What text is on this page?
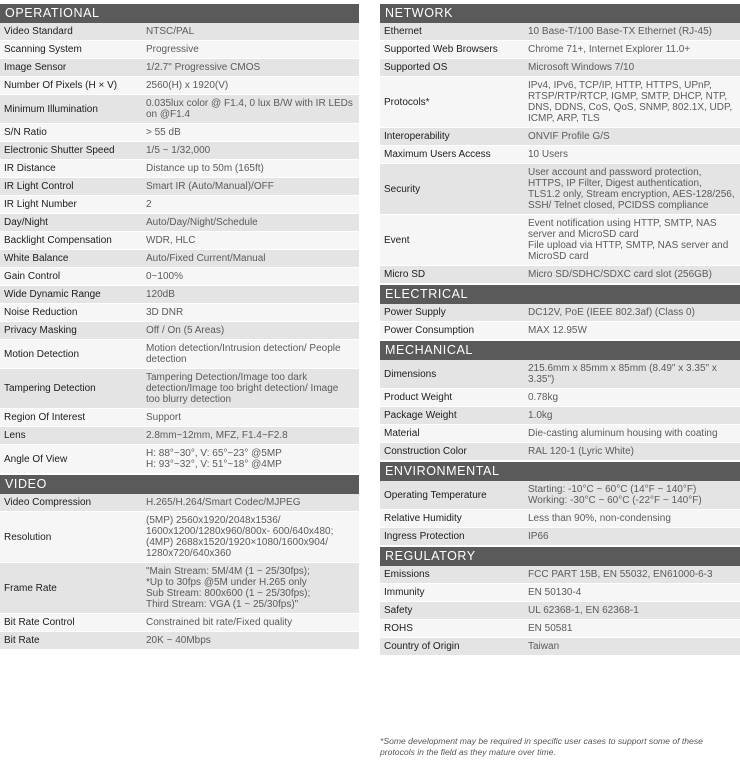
OPERATIONAL
Video Standard	NTSC/PAL
Scanning System	Progressive
Image Sensor	1/2.7" Progressive CMOS
Number Of Pixels (H × V)	2560(H) x 1920(V)
Minimum Illumination	0.035lux color @ F1.4, 0 lux B/W with IR LEDs on @F1.4
S/N Ratio	> 55 dB
Electronic Shutter Speed	1/5 ~ 1/32,000
IR Distance	Distance up to 50m (165ft)
IR Light Control	Smart IR (Auto/Manual)/OFF
IR Light Number	2
Day/Night	Auto/Day/Night/Schedule
Backlight Compensation	WDR, HLC
White Balance	Auto/Fixed Current/Manual
Gain Control	0~100%
Wide Dynamic Range	120dB
Noise Reduction	3D DNR
Privacy Masking	Off / On (5 Areas)
Motion Detection	Motion detection/Intrusion detection/ People detection
Tampering Detection	Tampering Detection/Image too dark detection/Image too bright detection/ Image too blurry detection
Region Of Interest	Support
Lens	2.8mm~12mm, MFZ, F1.4~F2.8
Angle Of View	H: 88°~30°, V: 65°~23° @5MP
H: 93°~32°, V: 51°~18° @4MP
VIDEO
Video Compression	H.265/H.264/Smart Codec/MJPEG
Resolution	(5MP) 2560x1920/2048x1536/ 1600x1200/1280x960/800x- 600/640x480;
(4MP) 2688x1520/1920×1080/1600x904/ 1280x720/640x360
Frame Rate	"Main Stream: 5M/4M (1 ~ 25/30fps);
*Up to 30fps @5M under H.265 only
Sub Stream: 800x600 (1 ~ 25/30fps);
Third Stream: VGA (1 ~ 25/30fps)"
Bit Rate Control	Constrained bit rate/Fixed quality
Bit Rate	20K ~ 40Mbps
NETWORK
Ethernet	10 Base-T/100 Base-TX Ethernet (RJ-45)
Supported Web Browsers	Chrome 71+, Internet Explorer 11.0+
Supported OS	Microsoft Windows 7/10
Protocols*	IPv4, IPv6, TCP/IP, HTTP, HTTPS, UPnP, RTSP/RTP/RTCP, IGMP, SMTP, DHCP, NTP, DNS, DDNS, CoS, QoS, SNMP, 802.1X, UDP, ICMP, ARP, TLS
Interoperability	ONVIF Profile G/S
Maximum Users Access	10 Users
Security	User account and password protection, HTTPS, IP Filter, Digest authentication, TLS1.2 only, Stream encryption, AES-128/256, SSH/ Telnet closed, PCIDSS compliance
Event	Event notification using HTTP, SMTP, NAS server and MicroSD card
File upload via HTTP, SMTP, NAS server and MicroSD card
Micro SD	Micro SD/SDHC/SDXC card slot (256GB)
ELECTRICAL
Power Supply	DC12V, PoE (IEEE 802.3af) (Class 0)
Power Consumption	MAX 12.95W
MECHANICAL
Dimensions	215.6mm x 85mm x 85mm (8.49" x 3.35" x 3.35")
Product Weight	0.78kg
Package Weight	1.0kg
Material	Die-casting aluminum housing with coating
Construction Color	RAL 120-1 (Lyric White)
ENVIRONMENTAL
Operating Temperature	Starting: -10°C ~ 60°C (14°F ~ 140°F)
Working: -30°C ~ 60°C (-22°F ~ 140°F)
Relative Humidity	Less than 90%, non-condensing
Ingress Protection	IP66
REGULATORY
Emissions	FCC PART 15B, EN 55032, EN61000-6-3
Immunity	EN 50130-4
Safety	UL 62368-1, EN 62368-1
ROHS	EN 50581
Country of Origin	Taiwan
*Some development may be required in specific user cases to support some of these protocols in the field as they mature over time.
